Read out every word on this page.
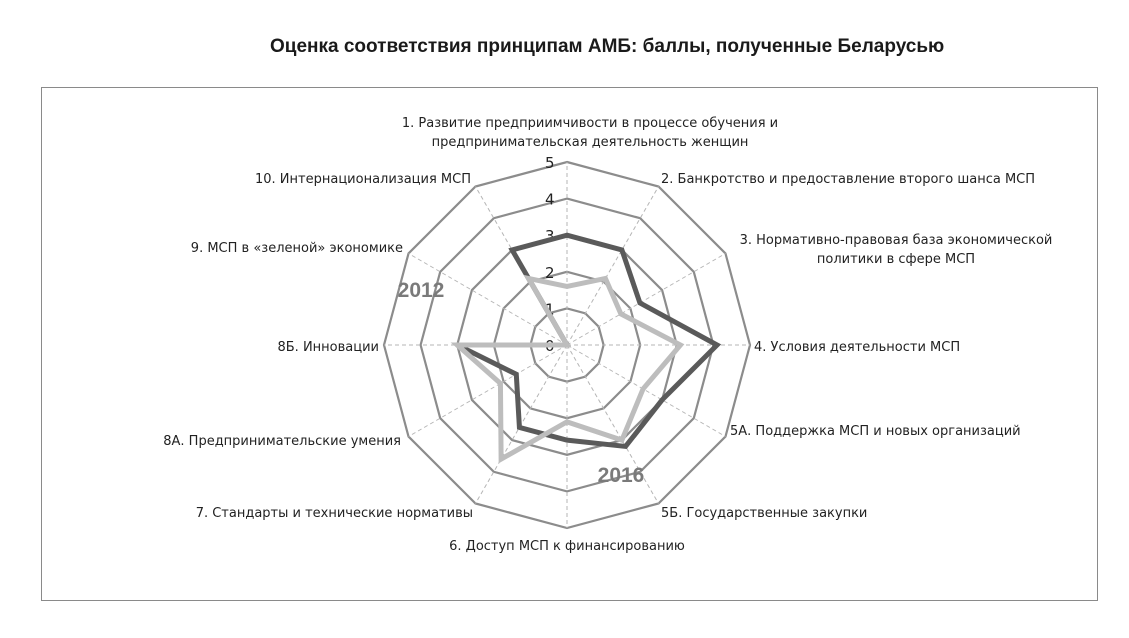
Оценка соответствия принципам АМБ: баллы, полученные Беларусью
0
1
2
3
4
5
2012
2016
1. Развитие предприимчивости в процессе обучения и
предпринимательская деятельность женщин
2. Банкротство и предоставление второго шанса МСП
3. Нормативно-правовая база экономической
политики в сфере МСП
4. Условия деятельности МСП
5А. Поддержка МСП и новых организаций
5Б. Государственные закупки
6. Доступ МСП к финансированию
7. Стандарты и технические нормативы
8А. Предпринимательские умения
8Б. Инновации
9. МСП в «зеленой» экономике
10. Интернационализация МСП
